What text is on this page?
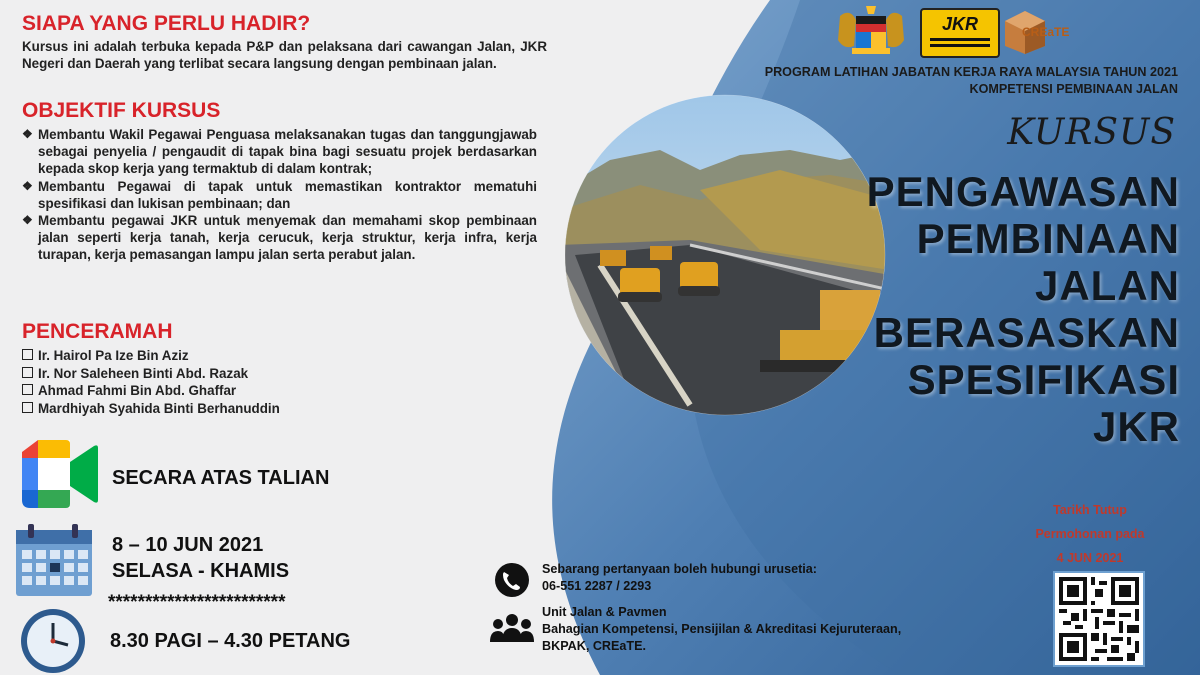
SIAPA YANG PERLU HADIR?
Kursus ini adalah terbuka kepada P&P dan pelaksana dari cawangan Jalan, JKR Negeri dan Daerah yang terlibat secara langsung dengan pembinaan jalan.
OBJEKTIF KURSUS
❖ Membantu Wakil Pegawai Penguasa melaksanakan tugas dan tanggungjawab sebagai penyelia / pengaudit di tapak bina bagi sesuatu projek berdasarkan kepada skop kerja yang termaktub di dalam kontrak;
❖ Membantu Pegawai di tapak untuk memastikan kontraktor mematuhi spesifikasi dan lukisan pembinaan; dan
❖ Membantu pegawai JKR untuk menyemak dan memahami skop pembinaan jalan seperti kerja tanah, kerja cerucuk, kerja struktur, kerja infra, kerja turapan, kerja pemasangan lampu jalan serta perabut jalan.
PENCERAMAH
Ir. Hairol Pa Ize Bin Aziz
Ir. Nor Saleheen Binti Abd. Razak
Ahmad Fahmi Bin Abd. Ghaffar
Mardhiyah Syahida Binti Berhanuddin
SECARA ATAS TALIAN
8 – 10 JUN 2021
SELASA - KHAMIS
************************
8.30 PAGI – 4.30 PETANG
JKR	CREaTE
PROGRAM LATIHAN JABATAN KERJA RAYA MALAYSIA TAHUN 2021
KOMPETENSI PEMBINAAN JALAN
KURSUS
PENGAWASAN
PEMBINAAN
JALAN
BERASASKAN
SPESIFIKASI
JKR
Tarikh Tutup
Permohonan pada
4 JUN 2021
Sebarang pertanyaan boleh hubungi urusetia:
06-551 2287 / 2293
Unit Jalan & Pavmen
Bahagian Kompetensi, Pensijilan & Akreditasi Kejuruteraan,
BKPAK, CREaTE.
